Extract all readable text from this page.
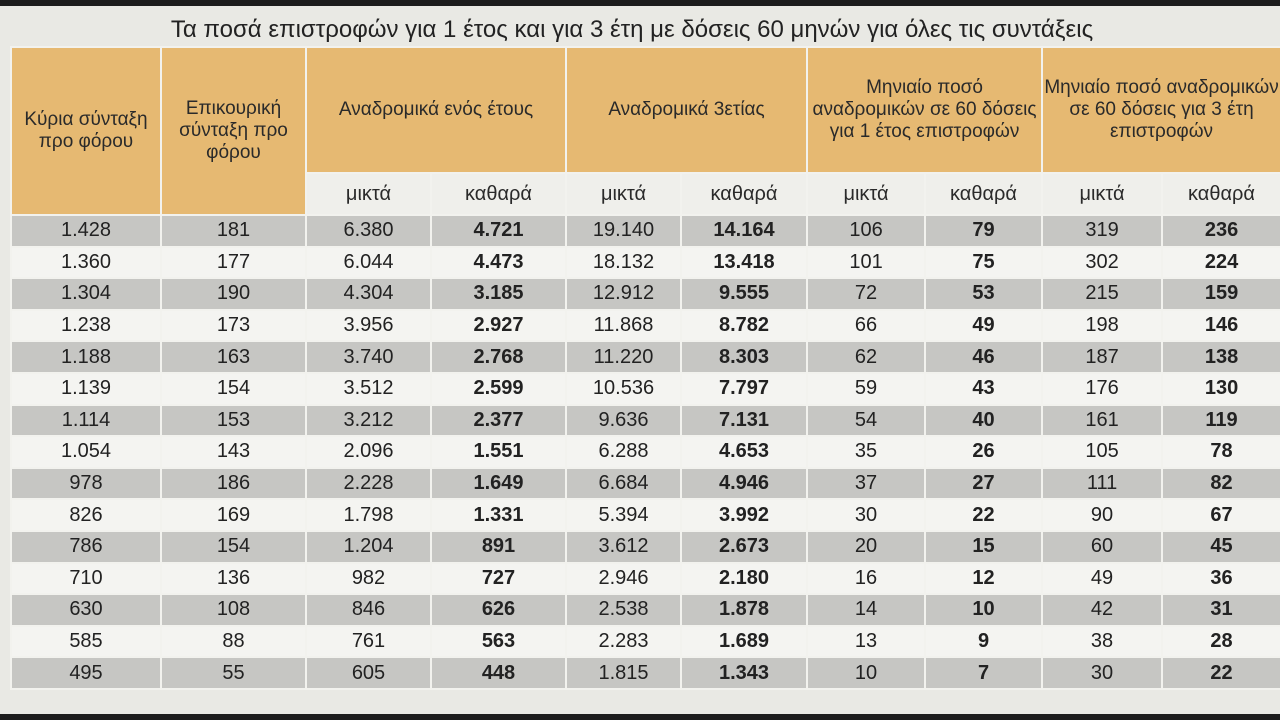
Τα ποσά επιστροφών για 1 έτος και για 3 έτη με δόσεις 60 μηνών για όλες τις συντάξεις
Κύρια σύνταξη προ φόρου	Επικουρική σύνταξη προ φόρου	Αναδρομικά ενός έτους		Αναδρομικά 3ετίας		Μηνιαίο ποσό αναδρομικών σε 60 δόσεις για 1 έτος επιστροφών		Μηνιαίο ποσό αναδρομικών σε 60 δόσεις για 3 έτη επιστροφών	
		μικτά	καθαρά	μικτά	καθαρά	μικτά	καθαρά	μικτά	καθαρά
1.428	181	6.380	4.721	19.140	14.164	106	79	319	236
1.360	177	6.044	4.473	18.132	13.418	101	75	302	224
1.304	190	4.304	3.185	12.912	9.555	72	53	215	159
1.238	173	3.956	2.927	11.868	8.782	66	49	198	146
1.188	163	3.740	2.768	11.220	8.303	62	46	187	138
1.139	154	3.512	2.599	10.536	7.797	59	43	176	130
1.114	153	3.212	2.377	9.636	7.131	54	40	161	119
1.054	143	2.096	1.551	6.288	4.653	35	26	105	78
978	186	2.228	1.649	6.684	4.946	37	27	111	82
826	169	1.798	1.331	5.394	3.992	30	22	90	67
786	154	1.204	891	3.612	2.673	20	15	60	45
710	136	982	727	2.946	2.180	16	12	49	36
630	108	846	626	2.538	1.878	14	10	42	31
585	88	761	563	2.283	1.689	13	9	38	28
495	55	605	448	1.815	1.343	10	7	30	22
